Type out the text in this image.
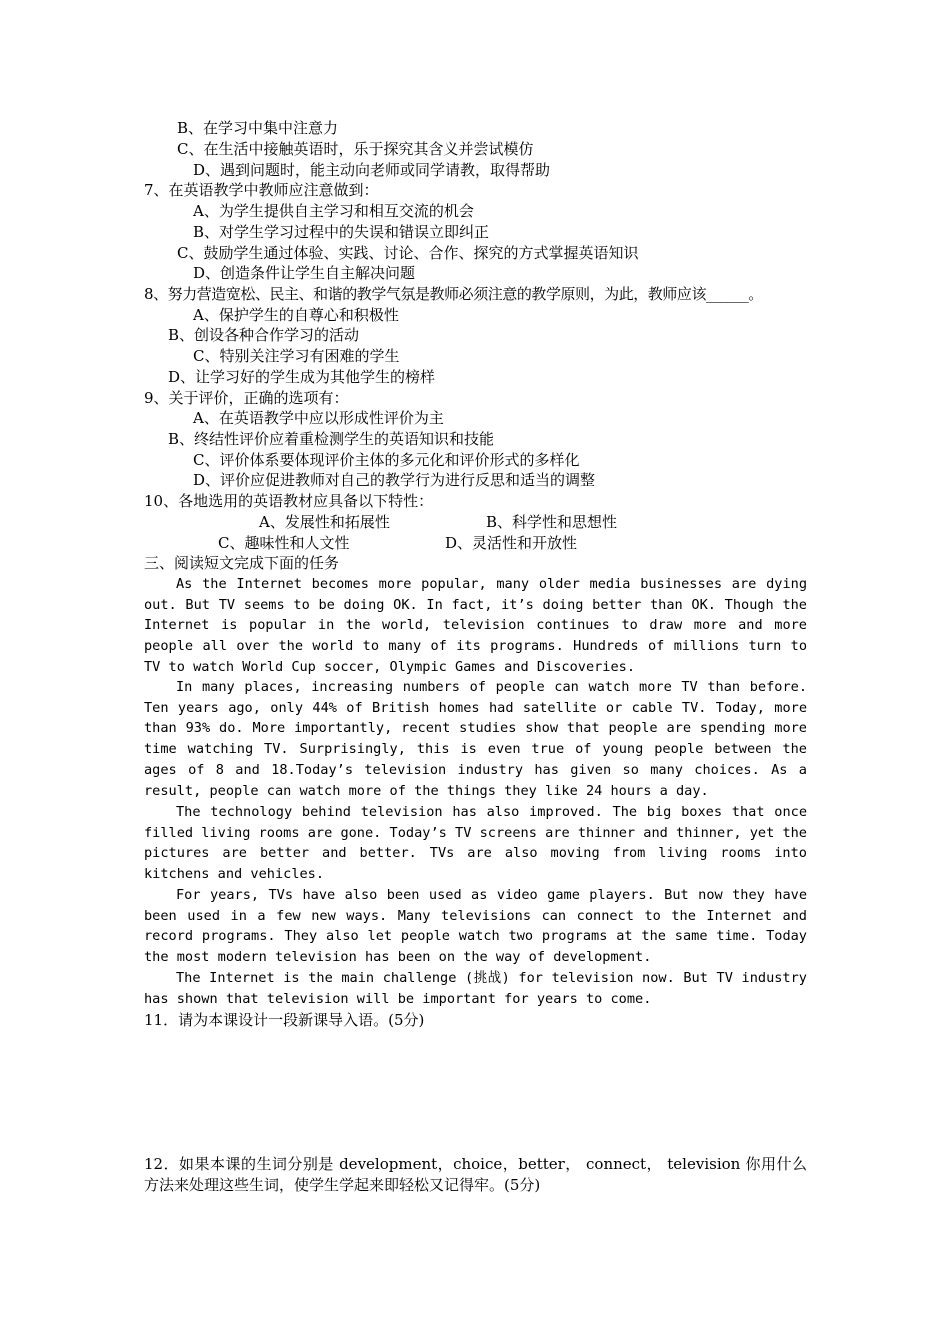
B、在学习中集中注意力
C、在生活中接触英语时，乐于探究其含义并尝试模仿
D、遇到问题时，能主动向老师或同学请教，取得帮助
7、在英语教学中教师应注意做到：
A、为学生提供自主学习和相互交流的机会
B、对学生学习过程中的失误和错误立即纠正
C、鼓励学生通过体验、实践、讨论、合作、探究的方式掌握英语知识
D、创造条件让学生自主解决问题
8、努力营造宽松、民主、和谐的教学气氛是教师必须注意的教学原则，为此，教师应该______。
A、保护学生的自尊心和积极性
B、创设各种合作学习的活动
C、特别关注学习有困难的学生
D、让学习好的学生成为其他学生的榜样
9、关于评价，正确的选项有：
A、在英语教学中应以形成性评价为主
B、终结性评价应着重检测学生的英语知识和技能
C、评价体系要体现评价主体的多元化和评价形式的多样化
D、评价应促进教师对自己的教学行为进行反思和适当的调整
10、各地选用的英语教材应具备以下特性：
A、发展性和拓展性	B、科学性和思想性
C、趣味性和人文性	D、灵活性和开放性
三、阅读短文完成下面的任务
As the Internet becomes more popular, many older media businesses are dying out. But TV seems to be doing OK. In fact, it’s doing better than OK. Though the Internet is popular in the world, television continues to draw more and more people all over the world to many of its programs. Hundreds of millions turn to TV to watch World Cup soccer, Olympic Games and Discoveries.
In many places, increasing numbers of people can watch more TV than before. Ten years ago, only 44% of British homes had satellite or cable TV. Today, more than 93% do. More importantly, recent studies show that people are spending more time watching TV. Surprisingly, this is even true of young people between the ages of 8 and 18.Today’s television industry has given so many choices. As a result, people can watch more of the things they like 24 hours a day.
The technology behind television has also improved. The big boxes that once filled living rooms are gone. Today’s TV screens are thinner and thinner, yet the pictures are better and better. TVs are also moving from living rooms into kitchens and vehicles.
For years, TVs have also been used as video game players. But now they have been used in a few new ways. Many televisions can connect to the Internet and record programs. They also let people watch two programs at the same time. Today the most modern television has been on the way of development.
The Internet is the main challenge (挑战) for television now. But TV industry has shown that television will be important for years to come.
11．请为本课设计一段新课导入语。(5分)
12．如果本课的生词分别是 development，choice，better， connect， television 你用什么方法来处理这些生词，使学生学起来即轻松又记得牢。(5分)
